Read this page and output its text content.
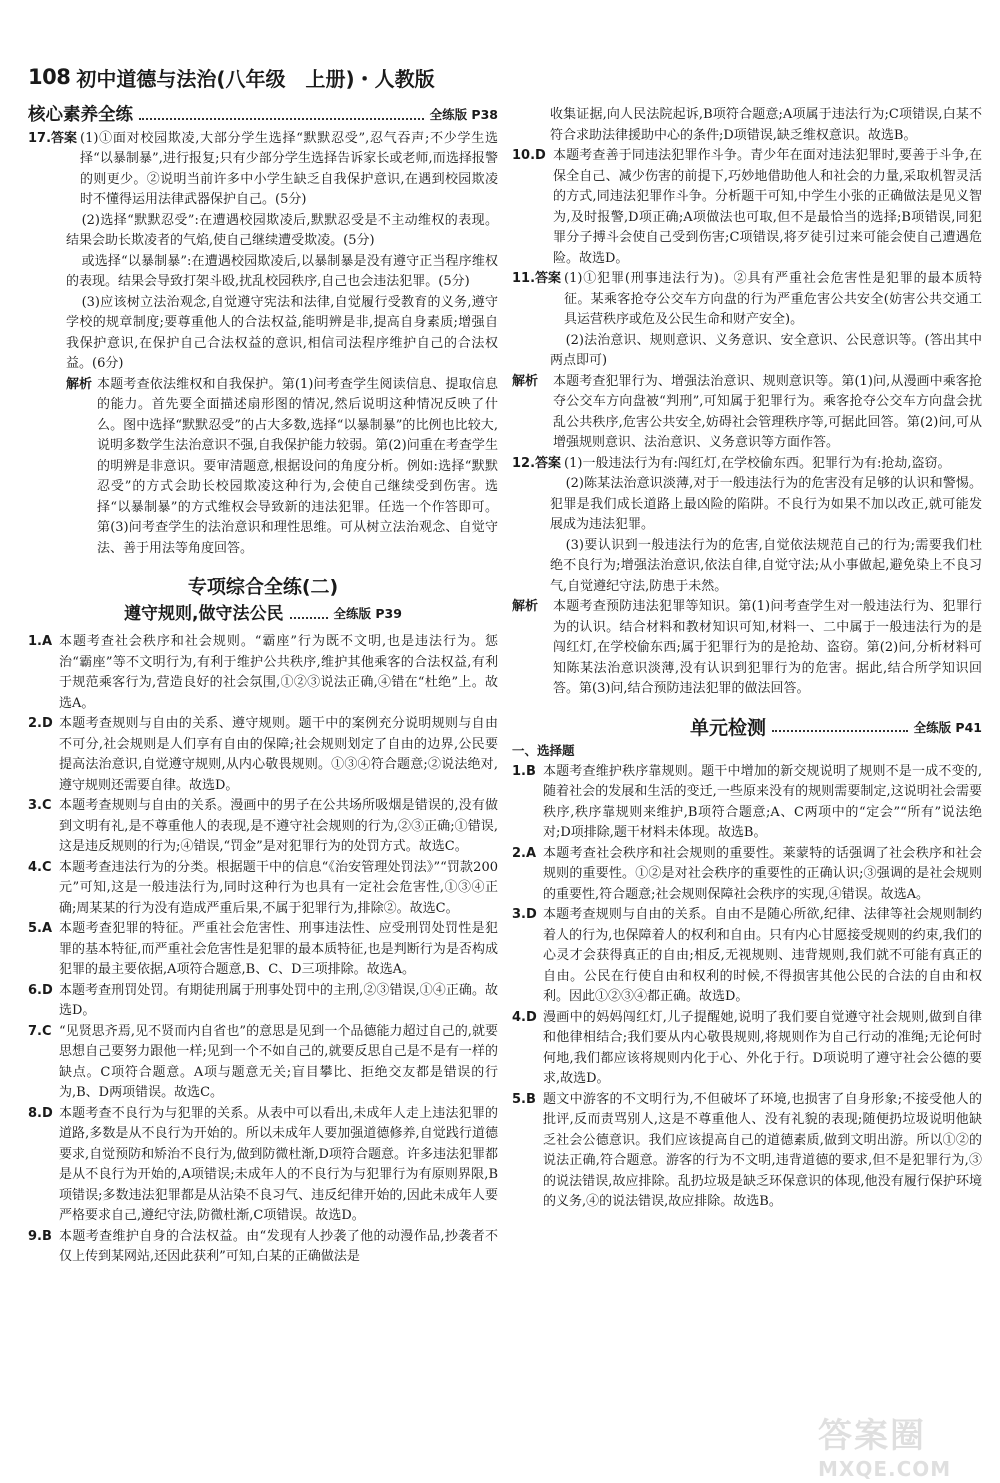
108 初中道德与法治(八年级　上册)・人教版
核心素养全练	全练版 P38
17.答案 (1)①面对校园欺凌,大部分学生选择“默默忍受”,忍气吞声;不少学生选择“以暴制暴”,进行报复;只有少部分学生选择告诉家长或老师,而选择报警的则更少。②说明当前许多中小学生缺乏自我保护意识,在遇到校园欺凌时不懂得运用法律武器保护自己。(5分)
(2)选择“默默忍受”:在遭遇校园欺凌后,默默忍受是不主动维权的表现。结果会助长欺凌者的气焰,使自己继续遭受欺凌。(5分)
或选择“以暴制暴”:在遭遇校园欺凌后,以暴制暴是没有遵守正当程序维权的表现。结果会导致打架斗殴,扰乱校园秩序,自己也会违法犯罪。(5分)
(3)应该树立法治观念,自觉遵守宪法和法律,自觉履行受教育的义务,遵守学校的规章制度;要尊重他人的合法权益,能明辨是非,提高自身素质;增强自我保护意识,在保护自己合法权益的意识,相信司法程序维护自己的合法权益。(6分)
解析 本题考查依法维权和自我保护。第(1)问考查学生阅读信息、提取信息的能力。首先要全面描述扇形图的情况,然后说明这种情况反映了什么。图中选择“默默忍受”的占大多数,选择“以暴制暴”的比例也比较大,说明多数学生法治意识不强,自我保护能力较弱。第(2)问重在考查学生的明辨是非意识。要审清题意,根据设问的角度分析。例如:选择“默默忍受”的方式会助长校园欺凌这种行为,会使自己继续受到伤害。选择“以暴制暴”的方式维权会导致新的违法犯罪。任选一个作答即可。第(3)问考查学生的法治意识和理性思维。可从树立法治观念、自觉守法、善于用法等角度回答。
专项综合全练(二)
遵守规则,做守法公民	全练版 P39
1.A 本题考查社会秩序和社会规则。“霸座”行为既不文明,也是违法行为。惩治“霸座”等不文明行为,有利于维护公共秩序,维护其他乘客的合法权益,有利于规范乘客行为,营造良好的社会氛围,①②③说法正确,④错在“杜绝”上。故选A。
2.D 本题考查规则与自由的关系、遵守规则。题干中的案例充分说明规则与自由不可分,社会规则是人们享有自由的保障;社会规则划定了自由的边界,公民要提高法治意识,自觉遵守规则,从内心敬畏规则。①③④符合题意;②说法绝对,遵守规则还需要自律。故选D。
3.C 本题考查规则与自由的关系。漫画中的男子在公共场所吸烟是错误的,没有做到文明有礼,是不尊重他人的表现,是不遵守社会规则的行为,②③正确;①错误,这是违反规则的行为;④错误,“罚金”是对犯罪行为的处罚方式。故选C。
4.C 本题考查违法行为的分类。根据题干中的信息“《治安管理处罚法》”“罚款200元”可知,这是一般违法行为,同时这种行为也具有一定社会危害性,①③④正确;周某某的行为没有造成严重后果,不属于犯罪行为,排除②。故选C。
5.A 本题考查犯罪的特征。严重社会危害性、刑事违法性、应受刑罚处罚性是犯罪的基本特征,而严重社会危害性是犯罪的最本质特征,也是判断行为是否构成犯罪的最主要依据,A项符合题意,B、C、D三项排除。故选A。
6.D 本题考查刑罚处罚。有期徒刑属于刑事处罚中的主刑,②③错误,①④正确。故选D。
7.C “见贤思齐焉,见不贤而内自省也”的意思是见到一个品德能力超过自己的,就要思想自己要努力跟他一样;见到一个不如自己的,就要反思自己是不是有一样的缺点。C项符合题意。A项与题意无关;盲目攀比、拒绝交友都是错误的行为,B、D两项错误。故选C。
8.D 本题考查不良行为与犯罪的关系。从表中可以看出,未成年人走上违法犯罪的道路,多数是从不良行为开始的。所以未成年人要加强道德修养,自觉践行道德要求,自觉预防和矫治不良行为,做到防微杜渐,D项符合题意。许多违法犯罪都是从不良行为开始的,A项错误;未成年人的不良行为与犯罪行为有原则界限,B项错误;多数违法犯罪都是从沾染不良习气、违反纪律开始的,因此未成年人要严格要求自己,遵纪守法,防微杜渐,C项错误。故选D。
9.B 本题考查维护自身的合法权益。由“发现有人抄袭了他的动漫作品,抄袭者不仅上传到某网站,还因此获利”可知,白某的正确做法是
收集证据,向人民法院起诉,B项符合题意;A项属于违法行为;C项错误,白某不符合求助法律援助中心的条件;D项错误,缺乏维权意识。故选B。
10.D 本题考查善于同违法犯罪作斗争。青少年在面对违法犯罪时,要善于斗争,在保全自己、减少伤害的前提下,巧妙地借助他人和社会的力量,采取机智灵活的方式,同违法犯罪作斗争。分析题干可知,中学生小张的正确做法是见义智为,及时报警,D项正确;A项做法也可取,但不是最恰当的选择;B项错误,同犯罪分子搏斗会使自己受到伤害;C项错误,将歹徒引过来可能会使自己遭遇危险。故选D。
11.答案 (1)①犯罪(刑事违法行为)。②具有严重社会危害性是犯罪的最本质特征。某乘客抢夺公交车方向盘的行为严重危害公共安全(妨害公共交通工具运营秩序或危及公民生命和财产安全)。
(2)法治意识、规则意识、义务意识、安全意识、公民意识等。(答出其中两点即可)
解析	本题考查犯罪行为、增强法治意识、规则意识等。第(1)问,从漫画中乘客抢夺公交车方向盘被“判刑”,可知属于犯罪行为。乘客抢夺公交车方向盘会扰乱公共秩序,危害公共安全,妨碍社会管理秩序等,可据此回答。第(2)问,可从增强规则意识、法治意识、义务意识等方面作答。
12.答案 (1)一般违法行为有:闯红灯,在学校偷东西。犯罪行为有:抢劫,盗窃。
(2)陈某法治意识淡薄,对于一般违法行为的危害没有足够的认识和警惕。犯罪是我们成长道路上最凶险的陷阱。不良行为如果不加以改正,就可能发展成为违法犯罪。
(3)要认识到一般违法行为的危害,自觉依法规范自己的行为;需要我们杜绝不良行为;增强法治意识,依法自律,自觉守法;从小事做起,避免染上不良习气,自觉遵纪守法,防患于未然。
解析	本题考查预防违法犯罪等知识。第(1)问考查学生对一般违法行为、犯罪行为的认识。结合材料和教材知识可知,材料一、二中属于一般违法行为的是闯红灯,在学校偷东西;属于犯罪行为的是抢劫、盗窃。第(2)问,分析材料可知陈某法治意识淡薄,没有认识到犯罪行为的危害。据此,结合所学知识回答。第(3)问,结合预防违法犯罪的做法回答。
单元检测	全练版 P41
一、选择题
1.B 本题考查维护秩序靠规则。题干中增加的新交规说明了规则不是一成不变的,随着社会的发展和生活的变迁,一些原来没有的规则需要制定,这说明社会需要秩序,秩序靠规则来维护,B项符合题意;A、C两项中的“定会”“所有”说法绝对;D项排除,题干材料未体现。故选B。
2.A 本题考查社会秩序和社会规则的重要性。莱蒙特的话强调了社会秩序和社会规则的重要性。①②是对社会秩序的重要性的正确认识;③强调的是社会规则的重要性,符合题意;社会规则保障社会秩序的实现,④错误。故选A。
3.D 本题考查规则与自由的关系。自由不是随心所欲,纪律、法律等社会规则制约着人的行为,也保障着人的权利和自由。只有内心甘愿接受规则的约束,我们的心灵才会获得真正的自由;相反,无视规则、违背规则,我们就不可能有真正的自由。公民在行使自由和权利的时候,不得损害其他公民的合法的自由和权利。因此①②③④都正确。故选D。
4.D 漫画中的妈妈闯红灯,儿子提醒她,说明了我们要自觉遵守社会规则,做到自律和他律相结合;我们要从内心敬畏规则,将规则作为自己行动的准绳;无论何时何地,我们都应该将规则内化于心、外化于行。D项说明了遵守社会公德的要求,故选D。
5.B 题文中游客的不文明行为,不但破坏了环境,也损害了自身形象;不接受他人的批评,反而责骂别人,这是不尊重他人、没有礼貌的表现;随便扔垃圾说明他缺乏社会公德意识。我们应该提高自己的道德素质,做到文明出游。所以①②的说法正确,符合题意。游客的行为不文明,违背道德的要求,但不是犯罪行为,③的说法错误,故应排除。乱扔垃圾是缺乏环保意识的体现,他没有履行保护环境的义务,④的说法错误,故应排除。故选B。
答案圈
MXQE.COM
